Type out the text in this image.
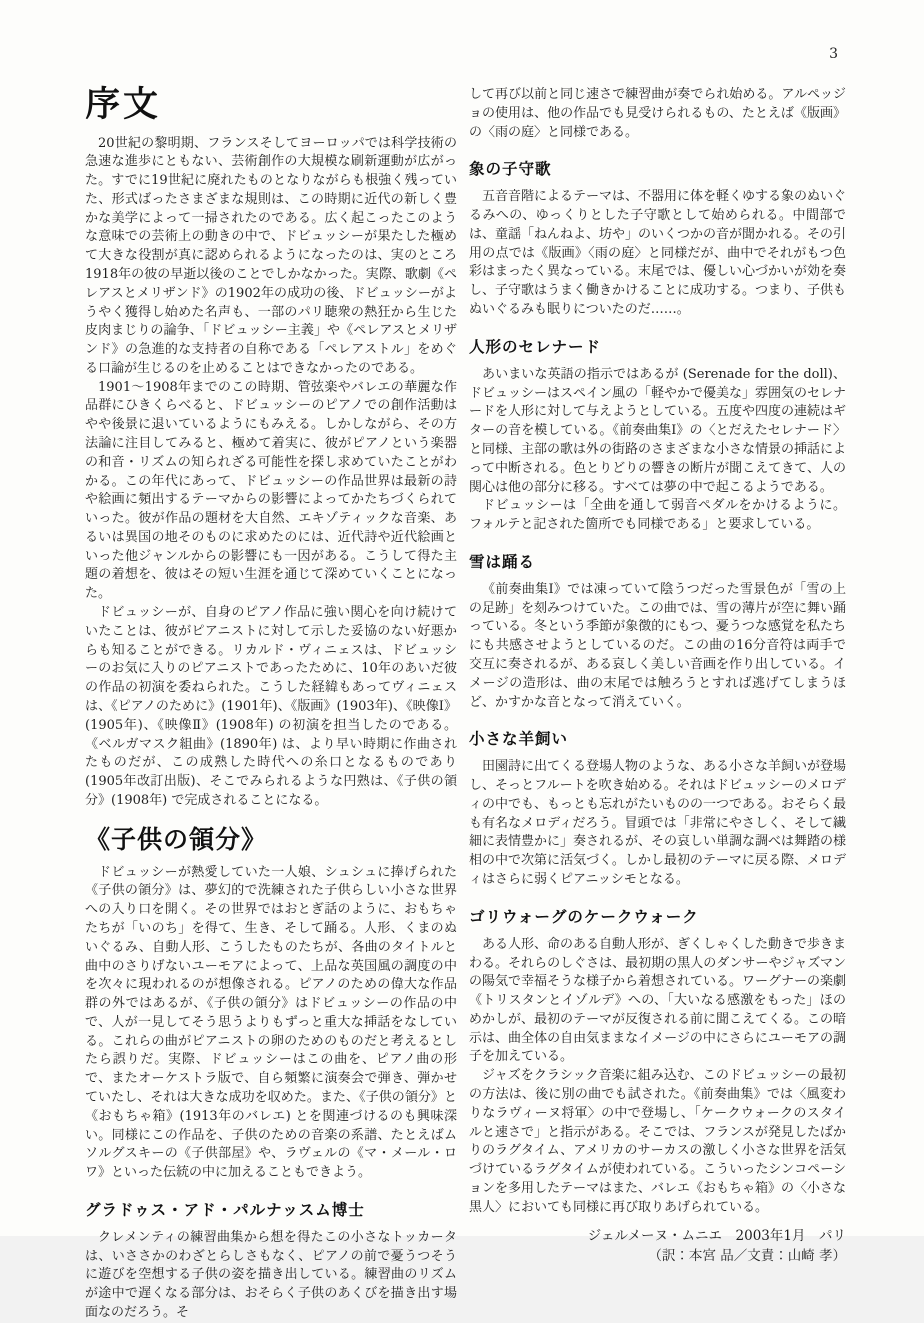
3
序文

20世紀の黎明期、フランスそしてヨーロッパでは科学技術の急速な進歩にともない、芸術創作の大規模な刷新運動が広がった。すでに19世紀に廃れたものとなりながらも根強く残っていた、形式ばったさまざまな規則は、この時期に近代の新しく豊かな美学によって一掃されたのである。広く起こったこのような意味での芸術上の動きの中で、ドビュッシーが果たした極めて大きな役割が真に認められるようになったのは、実のところ1918年の彼の早逝以後のことでしかなかった。実際、歌劇《ペレアスとメリザンド》の1902年の成功の後、ドビュッシーがようやく獲得し始めた名声も、一部のパリ聴衆の熱狂から生じた皮肉まじりの論争、「ドビュッシー主義」や《ペレアスとメリザンド》の急進的な支持者の自称である「ペレアストル」をめぐる口論が生じるのを止めることはできなかったのである。

1901～1908年までのこの時期、管弦楽やバレエの華麗な作品群にひきくらべると、ドビュッシーのピアノでの創作活動はやや後景に退いているようにもみえる。しかしながら、その方法論に注目してみると、極めて着実に、彼がピアノという楽器の和音・リズムの知られざる可能性を探し求めていたことがわかる。この年代にあって、ドビュッシーの作品世界は最新の詩や絵画に頻出するテーマからの影響によってかたちづくられていった。彼が作品の題材を大自然、エキゾティックな音楽、あるいは異国の地そのものに求めたのには、近代詩や近代絵画といった他ジャンルからの影響にも一因がある。こうして得た主題の着想を、彼はその短い生涯を通じて深めていくことになった。

ドビュッシーが、自身のピアノ作品に強い関心を向け続けていたことは、彼がピアニストに対して示した妥協のない好悪からも知ることができる。リカルド・ヴィニェスは、ドビュッシーのお気に入りのピアニストであったために、10年のあいだ彼の作品の初演を委ねられた。こうした経緯もあってヴィニェスは、《ピアノのために》(1901年)、《版画》(1903年)、《映像Ⅰ》(1905年)、《映像Ⅱ》(1908年) の初演を担当したのである。《ベルガマスク組曲》(1890年) は、より早い時期に作曲されたものだが、この成熟した時代への糸口となるものであり (1905年改訂出版)、そこでみられるような円熟は、《子供の領分》(1908年) で完成されることになる。

《子供の領分》

ドビュッシーが熱愛していた一人娘、シュシュに捧げられた《子供の領分》は、夢幻的で洗練された子供らしい小さな世界への入り口を開く。その世界ではおとぎ話のように、おもちゃたちが「いのち」を得て、生き、そして踊る。人形、くまのぬいぐるみ、自動人形、こうしたものたちが、各曲のタイトルと曲中のさりげないユーモアによって、上品な英国風の調度の中を次々に現われるのが想像される。ピアノのための偉大な作品群の外ではあるが、《子供の領分》はドビュッシーの作品の中で、人が一見してそう思うよりもずっと重大な挿話をなしている。これらの曲がピアニストの卵のためのものだと考えるとしたら誤りだ。実際、ドビュッシーはこの曲を、ピアノ曲の形で、またオーケストラ版で、自ら頻繁に演奏会で弾き、弾かせていたし、それは大きな成功を収めた。また、《子供の領分》と《おもちゃ箱》(1913年のバレエ) とを関連づけるのも興味深い。同様にこの作品を、子供のための音楽の系譜、たとえばムソルグスキーの《子供部屋》や、ラヴェルの《マ・メール・ロワ》といった伝統の中に加えることもできよう。

グラドゥス・アド・パルナッスム博士

クレメンティの練習曲集から想を得たこの小さなトッカータは、いささかのわざとらしさもなく、ピアノの前で憂うつそうに遊びを空想する子供の姿を描き出している。練習曲のリズムが途中で遅くなる部分は、おそらく子供のあくびを描き出す場面なのだろう。そ

して再び以前と同じ速さで練習曲が奏でられ始める。アルペッジョの使用は、他の作品でも見受けられるもの、たとえば《版画》の〈雨の庭〉と同様である。

象の子守歌

五音音階によるテーマは、不器用に体を軽くゆする象のぬいぐるみへの、ゆっくりとした子守歌として始められる。中間部では、童謡「ねんねよ、坊や」のいくつかの音が聞かれる。その引用の点では《版画》〈雨の庭〉と同様だが、曲中でそれがもつ色彩はまったく異なっている。末尾では、優しい心づかいが効を奏し、子守歌はうまく働きかけることに成功する。つまり、子供もぬいぐるみも眠りについたのだ……。

人形のセレナード

あいまいな英語の指示ではあるが (Serenade for the doll)、ドビュッシーはスペイン風の「軽やかで優美な」雰囲気のセレナードを人形に対して与えようとしている。五度や四度の連続はギターの音を模している。《前奏曲集Ⅰ》の〈とだえたセレナード〉と同様、主部の歌は外の街路のさまざまな小さな情景の挿話によって中断される。色とりどりの響きの断片が聞こえてきて、人の関心は他の部分に移る。すべては夢の中で起こるようである。

ドビュッシーは「全曲を通して弱音ペダルをかけるように。フォルテと記された箇所でも同様である」と要求している。

雪は踊る

《前奏曲集Ⅰ》では凍っていて陰うつだった雪景色が「雪の上の足跡」を刻みつけていた。この曲では、雪の薄片が空に舞い踊っている。冬という季節が象徴的にもつ、憂うつな感覚を私たちにも共感させようとしているのだ。この曲の16分音符は両手で交互に奏されるが、ある哀しく美しい音画を作り出している。イメージの造形は、曲の末尾では触ろうとすれば逃げてしまうほど、かすかな音となって消えていく。

小さな羊飼い

田園詩に出てくる登場人物のような、ある小さな羊飼いが登場し、そっとフルートを吹き始める。それはドビュッシーのメロディの中でも、もっとも忘れがたいものの一つである。おそらく最も有名なメロディだろう。冒頭では「非常にやさしく、そして繊細に表情豊かに」奏されるが、その哀しい単調な調べは舞踏の様相の中で次第に活気づく。しかし最初のテーマに戻る際、メロディはさらに弱くピアニッシモとなる。

ゴリウォーグのケークウォーク

ある人形、命のある自動人形が、ぎくしゃくした動きで歩きまわる。それらのしぐさは、最初期の黒人のダンサーやジャズマンの陽気で幸福そうな様子から着想されている。ワーグナーの楽劇《トリスタンとイゾルデ》への、「大いなる感激をもった」ほのめかしが、最初のテーマが反復される前に聞こえてくる。この暗示は、曲全体の自由気ままなイメージの中にさらにユーモアの調子を加えている。

ジャズをクラシック音楽に組み込む、このドビュッシーの最初の方法は、後に別の曲でも試された。《前奏曲集》では〈風変わりなラヴィーヌ将軍〉の中で登場し、「ケークウォークのスタイルと速さで」と指示がある。そこでは、フランスが発見したばかりのラグタイム、アメリカのサーカスの激しく小さな世界を活気づけているラグタイムが使われている。こういったシンコペーションを多用したテーマはまた、バレエ《おもちゃ箱》の〈小さな黒人〉においても同様に再び取りあげられている。

ジェルメーヌ・ムニエ　2003年1月　パリ
（訳：本宮 品／文責：山崎 孝）
